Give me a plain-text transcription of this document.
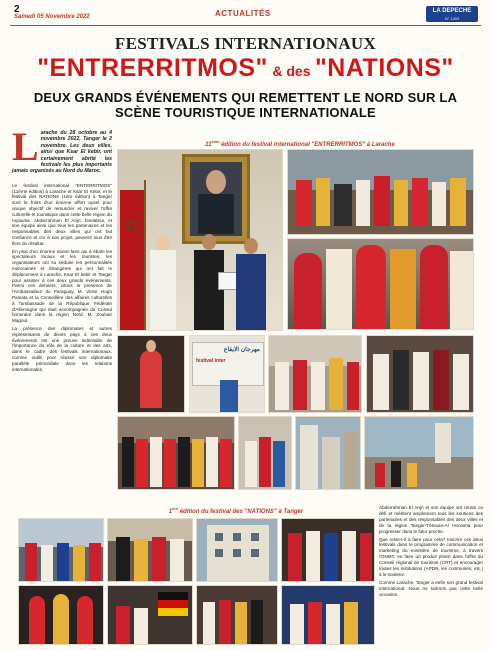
2
Samedi 05 Novembre 2022	ACTUALITÉS	LA DEPECHE
N° 1403
FESTIVALS INTERNATIONAUX
"ENTRERRITMOS" & des "NATIONS"
DEUX GRANDS ÉVÉNEMENTS QUI REMETTENT LE NORD SUR LA SCÈNE TOURISTIQUE INTERNATIONALE
L arache du 28 octobre au 4 novembre 2022, Tanger le 2 novembre. Les deux villes, ainsi que Ksar El kebir, ont certainement abrité les festivals les plus importants jamais organisés au Nord du Maroc.

Le festival international "ENTERRITMOS" (11ème édition) à Larache et Ksar El Kebir, et le festival des NATIONS (1ère édition) à Tanger sont le fruits d'un énorme effort ayant pour unique objectif de remuscler et raviver l'offre culturelle et touristique dans cette belle région du royaume. Abderrahman El Anjri, fondateur, et son équipe ainsi que tous les partenaires et les responsables des deux villes qui ont fait confiance et cru à son projet, peuvent tous être fiers du résultat.

En plus d'un énorme savoir-faire qui a ébahi les spectateurs locaux et les touristes, les organisateurs ont su séduire les personnalités marocaines et étrangères qui ont fait le déplacement à Larache, Ksar El kebir et Tanger pour assister à ces deux grands événements. Parmi ces derniers, citons la présence de l'Ambassadeur du Paraguay, M. Victor Hugo Paniata et la Conseillère des affaires culturelles à l'ambassade de la République Fédérale d'Allemagne qui était accompagnée du Consul honoraire dans la région Nord, M. Zouhair Magoul.

La présence des diplomates et autres représentants de divers pays à ces deux événements est une preuve indéniable de l'importance du rôle de la culture et des arts, dans le cadre des festivals internationaux, comme outils pour réussir une diplomatie parallèle primordiale dans les relations internationales.

11ème édition du festival international "ENTRERRITMOS" à Larache
✩
مهرجان الايقاع
festival inter
1ère édition du festival des "NATIONS" à Tanger

Abderrahman El Anjri et son équipe ont réussi ce défi et méritent amplement tous les soutiens des partenaires et des responsables des deux villes et de la région Tanger-Tétouan-Al Hoceima pour progresser dans le futur proche.

Que reste-t-il à faire pour cela? Inscrire ces deux festivals dans le programme de communication et marketing du ministère de tourisme, à travers l'ONMT, en faire un produit phare dans l'offre du Conseil régional de tourisme (CRT) et encourager toutes les institutions (APDN, les communes, etc.) à le soutenir.

Comme Larache, Tanger a enfin son grand festival international. Nous ne tarirons pas cette belle occasion.
